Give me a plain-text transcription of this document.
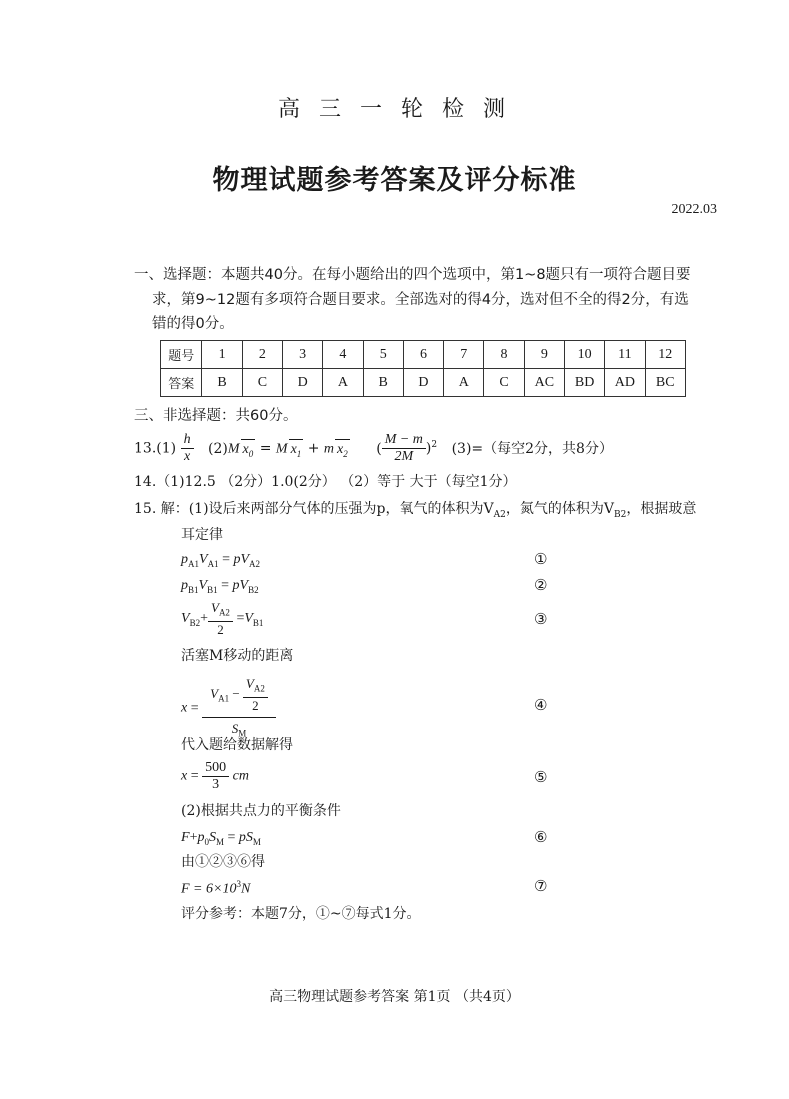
高 三 一 轮 检 测
物理试题参考答案及评分标准
2022.03
一、选择题：本题共40分。在每小题给出的四个选项中，第1~8题只有一项符合题目要
求，第9~12题有多项符合题目要求。全部选对的得4分，选对但不全的得2分，有选
错的得0分。
题号	1	2	3	4	5	6	7	8	9	10	11	12
答案	B	C	D	A	B	D	A	C	AC	BD	AD	BC
三、非选择题：共60分。
$13.(1) \frac{h}{x} (2)M$ $x_0 = M$ $x_1 + m$ $x_2$ ( $\frac{M - m}{2M} )^2$ (3)=（每空2分，共8分）
14.（1)12.5 （2分）1.0(2分） （2）等于 大于（每空1分）
15. 解：(1)设后来两部分气体的压强为p，氧气的体积为$V_{A2}$，氮气的体积为$V_{B2}$，根据玻意
耳定律
$p_{A1}V_{A1} = pV_{A2}$	①
$p_{B1}V_{B1} = pV_{B2}$	②
$V_{B2}+ \frac{V_{A2}}{2} =V_{B1}$	③
活塞M移动的距离
$x = \frac{V_{A1} - \frac{V_{A2}}{2}}{S_M}$	④
代入题给数据解得
$x = \frac{500}{3}$ cm	⑤
(2)根据共点力的平衡条件
$F+p_0S_M = pS_M$	⑥
由①②③⑥得
$F = 6\times 10^3N$	⑦
评分参考：本题7分，①~⑦每式1分。
高三物理试题参考答案 第1页 （共4页）
